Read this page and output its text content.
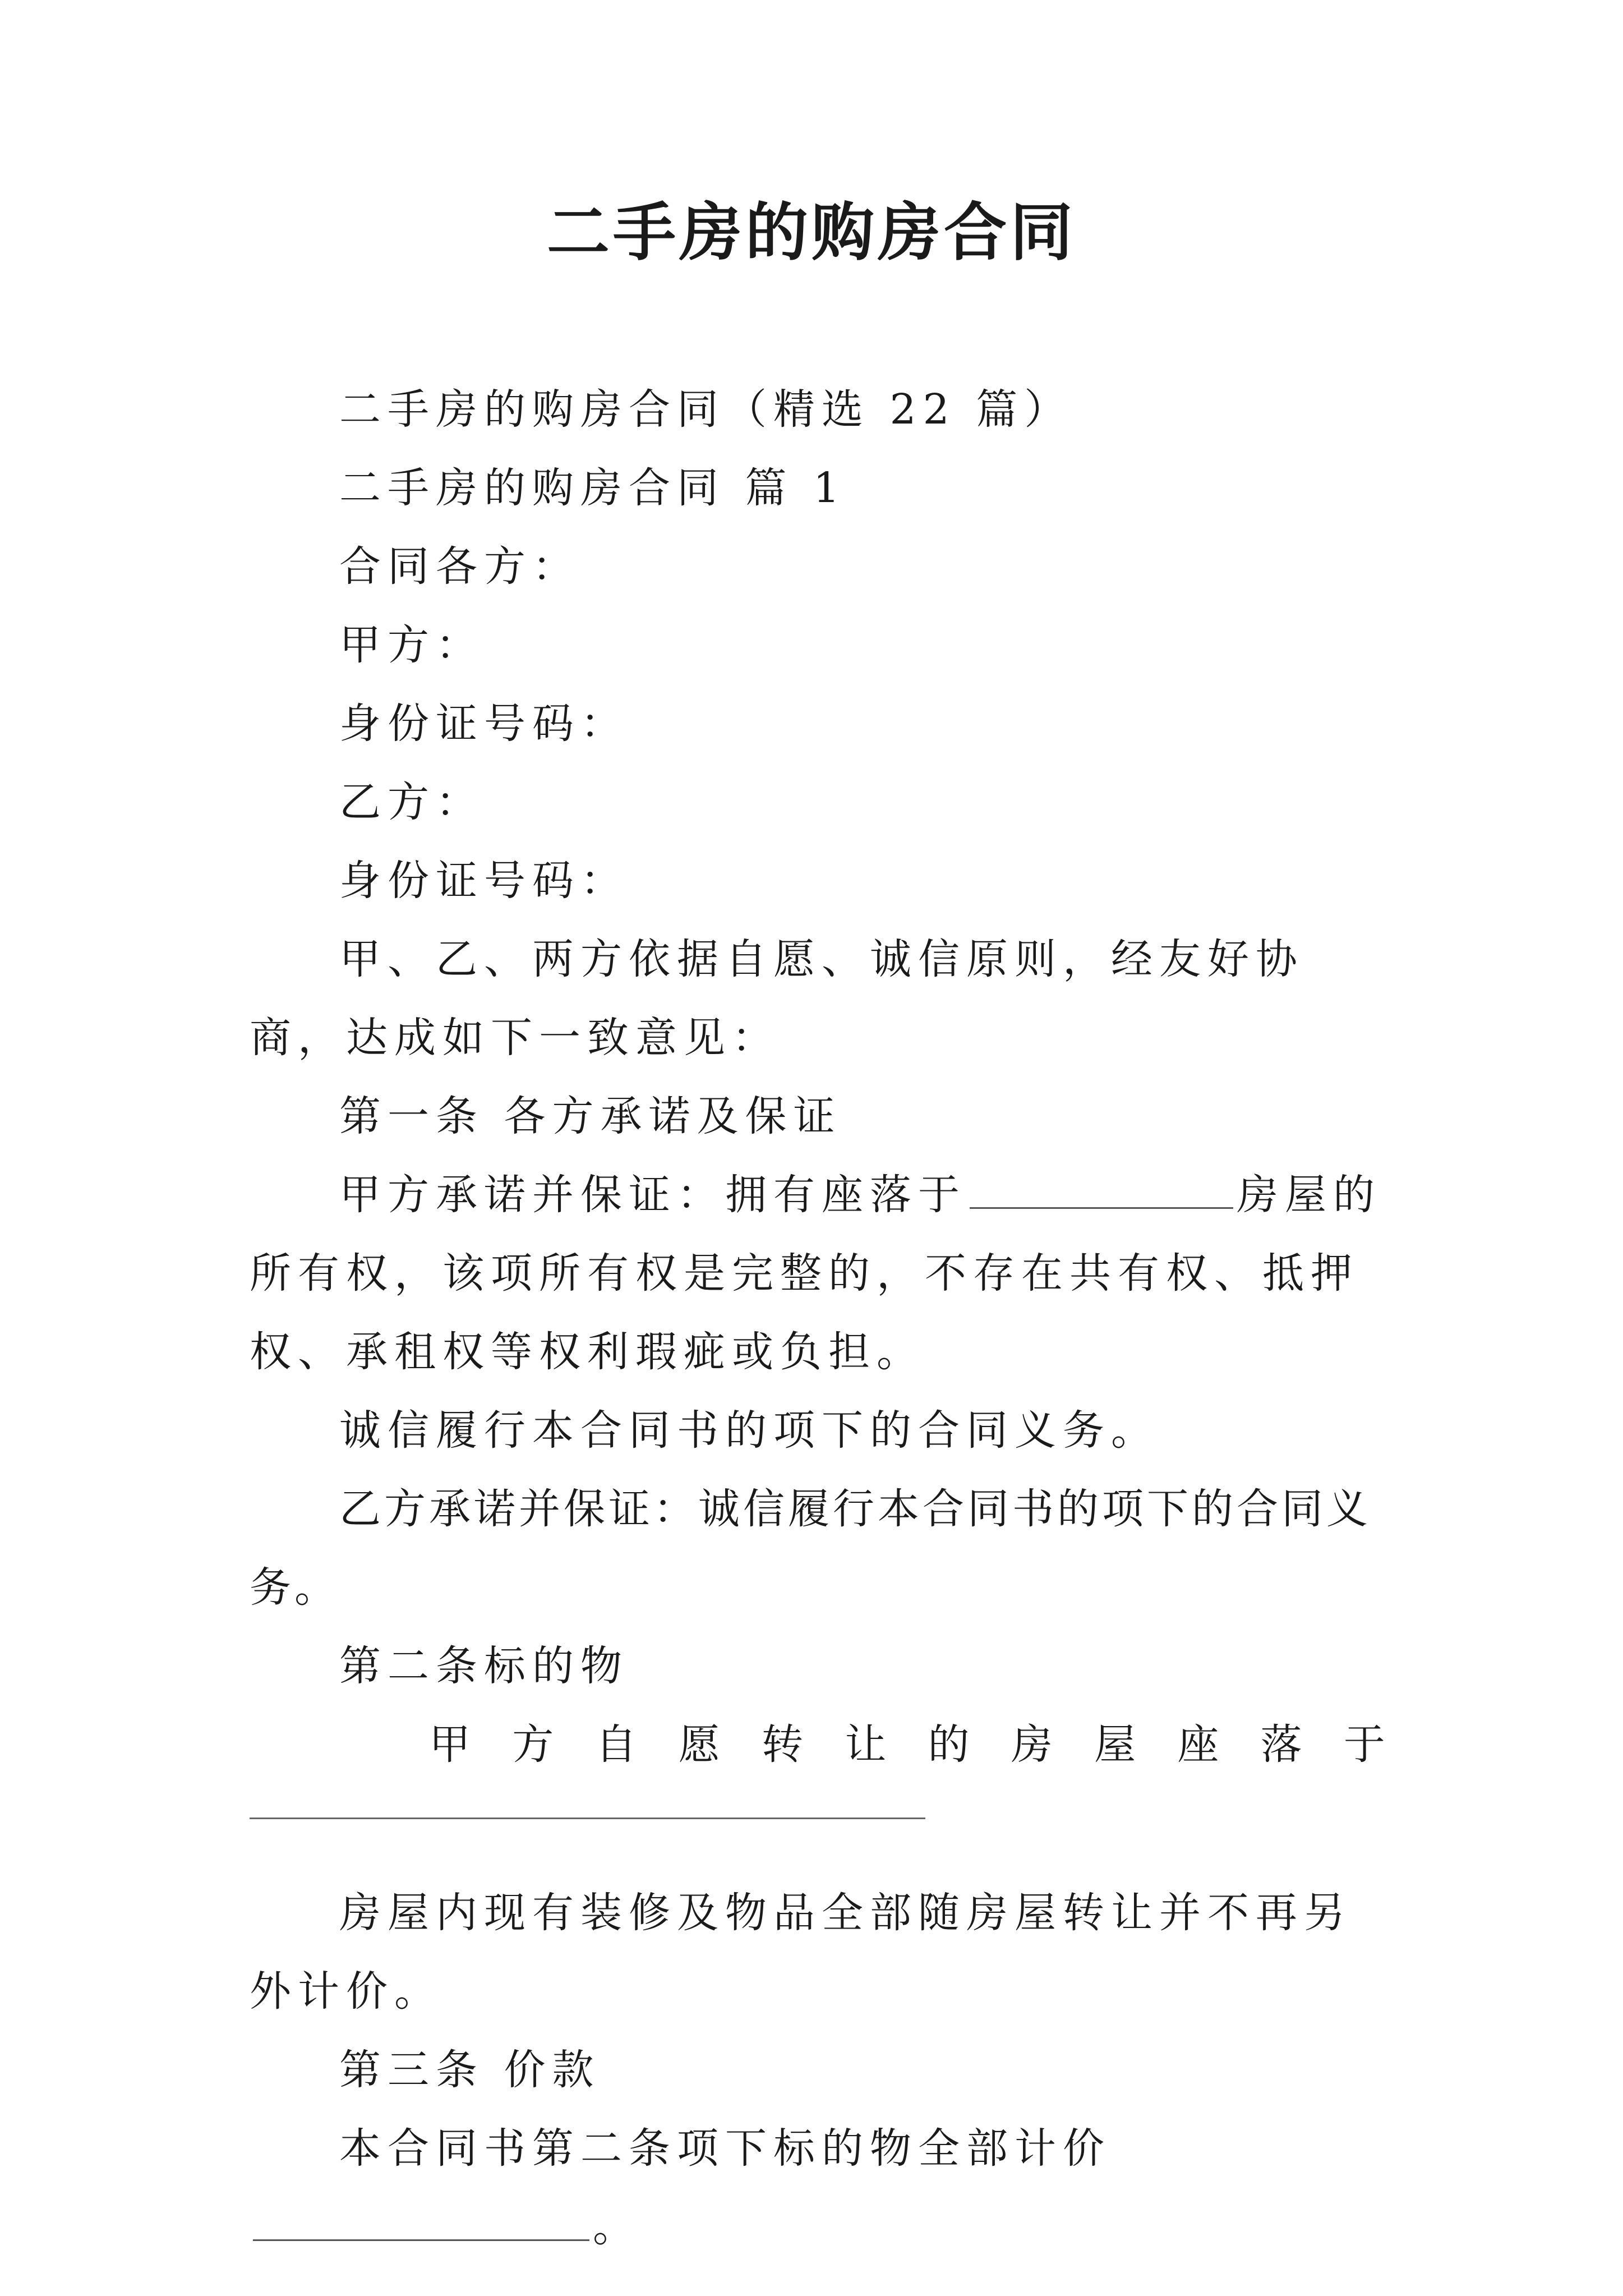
二手房的购房合同

二手房的购房合同（精选 22 篇）

二手房的购房合同 篇 1

合同各方：

甲方：

身份证号码：

乙方：

身份证号码：

甲、乙、两方依据自愿、诚信原则，经友好协商，达成如下一致意见：

第一条 各方承诺及保证

甲方承诺并保证：拥有座落于	房屋的所有权，该项所有权是完整的，不存在共有权、抵押权、承租权等权利瑕疵或负担。

诚信履行本合同书的项下的合同义务。

乙方承诺并保证：诚信履行本合同书的项下的合同义务。

第二条标的物

甲 方 自 愿 转 让 的 房 屋 座 落 于

房屋内现有装修及物品全部随房屋转让并不再另外计价。

第三条 价款

本合同书第二条项下标的物全部计价。
